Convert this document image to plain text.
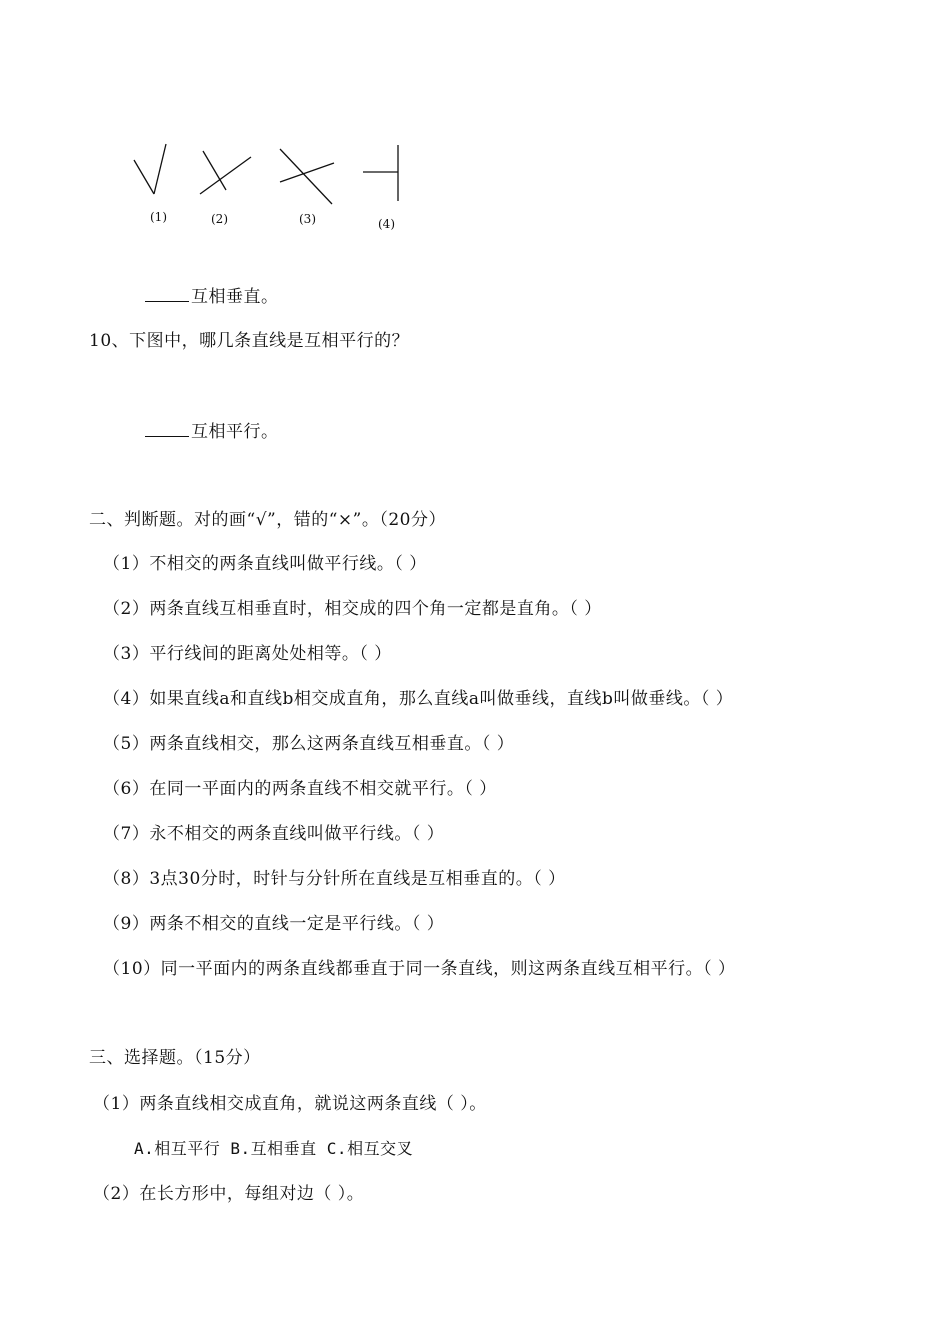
(1)	(2)	(3)	(4)
互相垂直。
10、下图中，哪几条直线是互相平行的？
互相平行。
二、判断题。对的画“√”，错的“×”。（20分）
（1）不相交的两条直线叫做平行线。（ ）
（2）两条直线互相垂直时，相交成的四个角一定都是直角。（ ）
（3）平行线间的距离处处相等。（ ）
（4）如果直线a和直线b相交成直角，那么直线a叫做垂线，直线b叫做垂线。（ ）
（5）两条直线相交，那么这两条直线互相垂直。（ ）
（6）在同一平面内的两条直线不相交就平行。（ ）
（7）永不相交的两条直线叫做平行线。（ ）
（8）3点30分时，时针与分针所在直线是互相垂直的。（ ）
（9）两条不相交的直线一定是平行线。（ ）
（10）同一平面内的两条直线都垂直于同一条直线，则这两条直线互相平行。（ ）
三、选择题。（15分）
（1）两条直线相交成直角，就说这两条直线（ ）。
A.相互平行 B.互相垂直 C.相互交叉
（2）在长方形中，每组对边（ ）。
